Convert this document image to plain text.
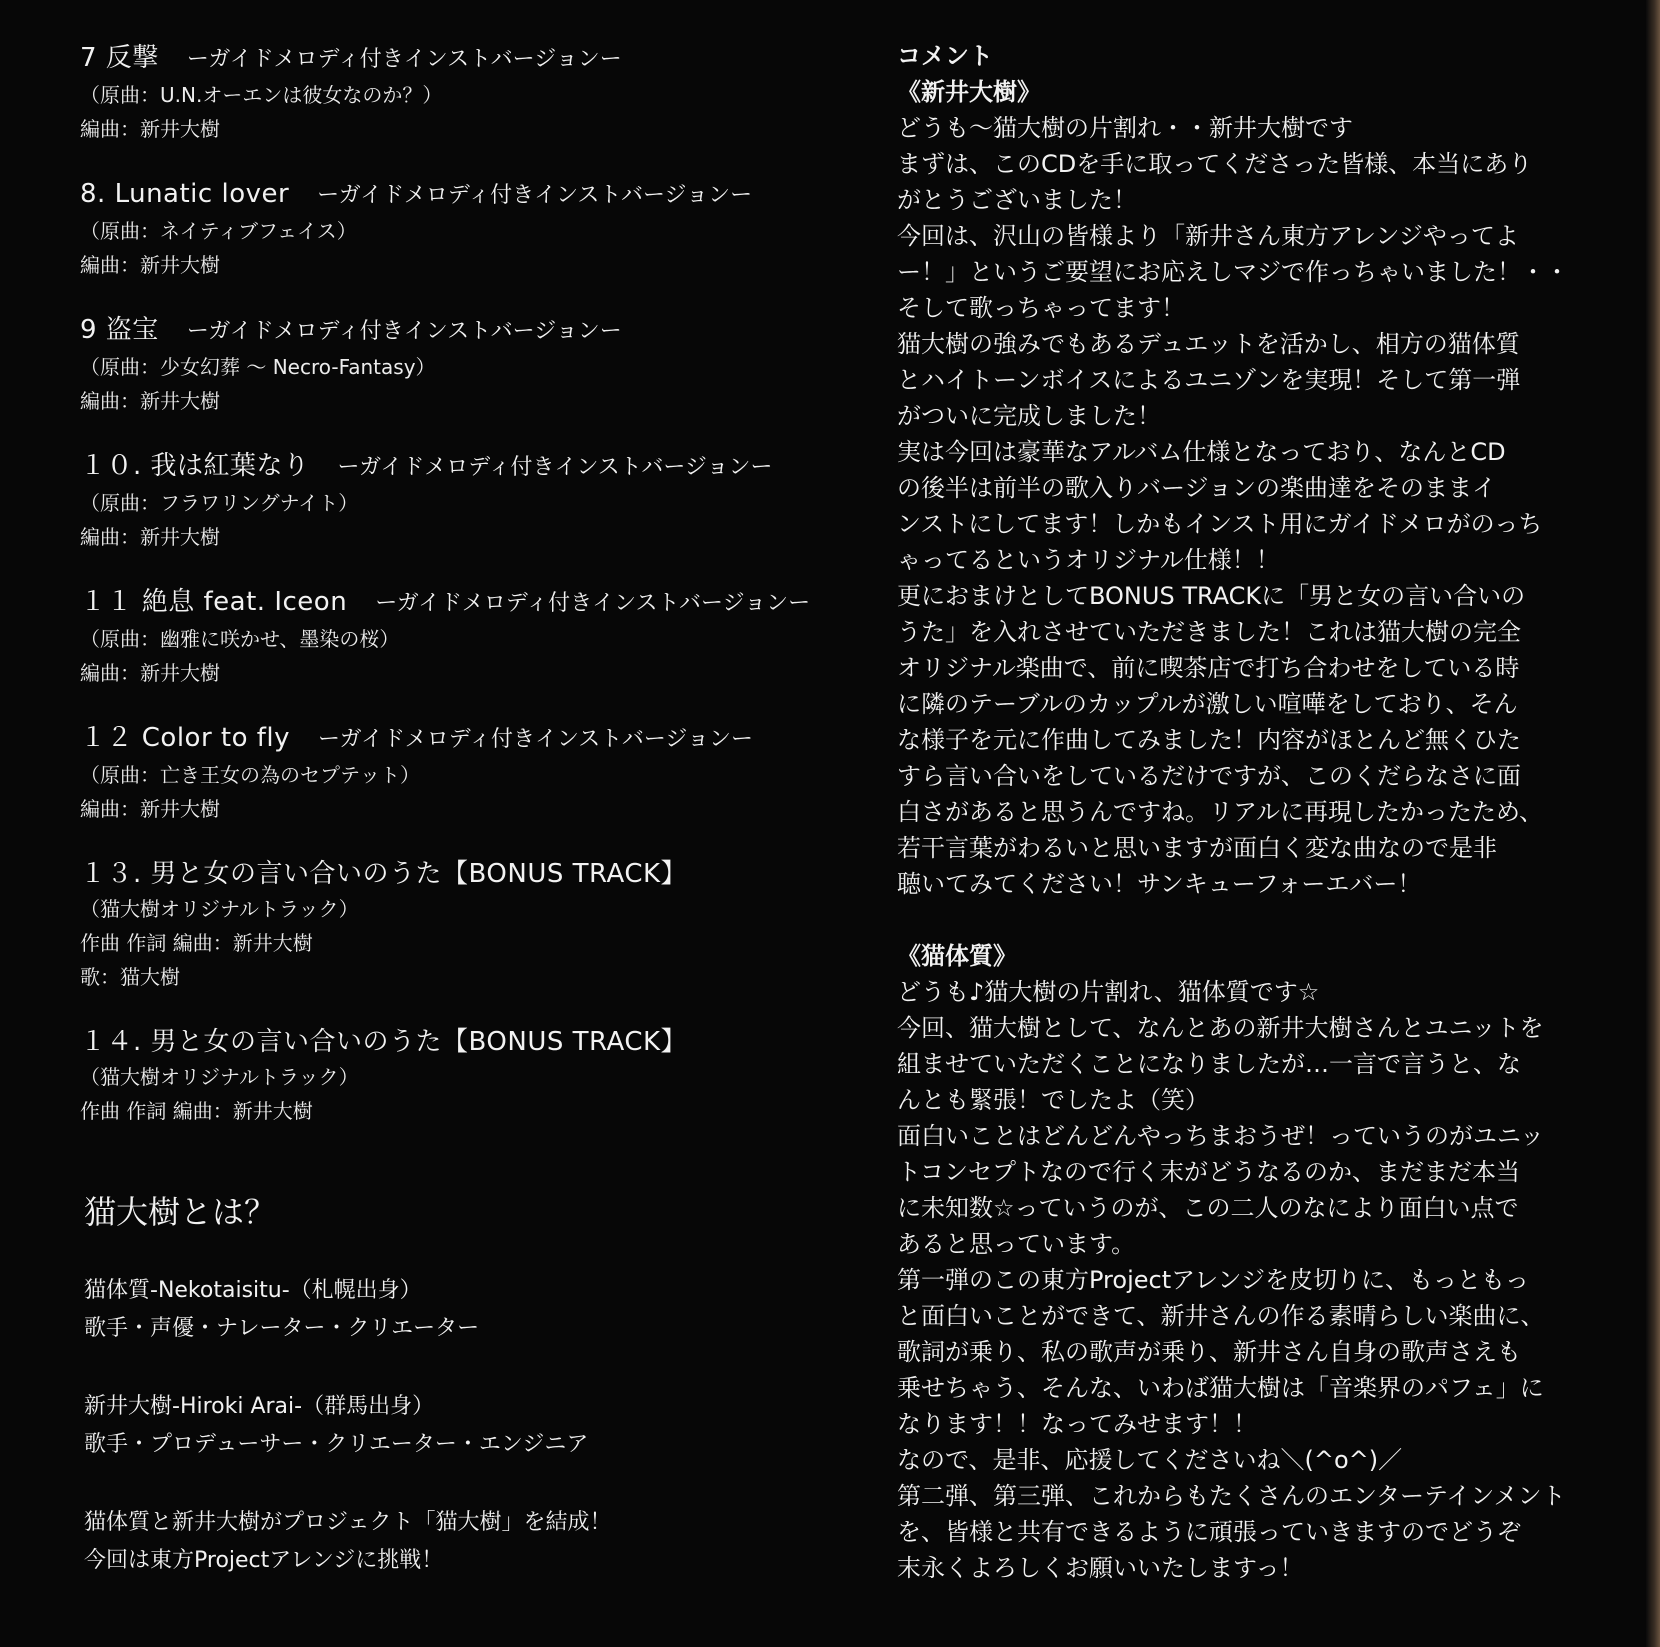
7 反撃 ーガイドメロディ付きインストバージョンー
（原曲：U.N.オーエンは彼女なのか？）
編曲：新井大樹
8. Lunatic lover ーガイドメロディ付きインストバージョンー
（原曲：ネイティブフェイス）
編曲：新井大樹
9 盗宝 ーガイドメロディ付きインストバージョンー
（原曲：少女幻葬 ～ Necro-Fantasy）
編曲：新井大樹
１０. 我は紅葉なり ーガイドメロディ付きインストバージョンー
（原曲：フラワリングナイト）
編曲：新井大樹
１１ 絶息 feat. Iceon ーガイドメロディ付きインストバージョンー
（原曲：幽雅に咲かせ、墨染の桜）
編曲：新井大樹
１２ Color to fly ーガイドメロディ付きインストバージョンー
（原曲：亡き王女の為のセプテット）
編曲：新井大樹
１３. 男と女の言い合いのうた【BONUS TRACK】
（猫大樹オリジナルトラック）
作曲 作詞 編曲：新井大樹
歌：猫大樹
１４. 男と女の言い合いのうた【BONUS TRACK】
（猫大樹オリジナルトラック）
作曲 作詞 編曲：新井大樹
猫大樹とは？
猫体質-Nekotaisitu-（札幌出身）
歌手・声優・ナレーター・クリエーター
新井大樹-Hiroki Arai-（群馬出身）
歌手・プロデューサー・クリエーター・エンジニア
猫体質と新井大樹がプロジェクト「猫大樹」を結成！
今回は東方Projectアレンジに挑戦！
コメント
《新井大樹》
どうも～猫大樹の片割れ・・新井大樹です
まずは、このCDを手に取ってくださった皆様、本当にあり
がとうございました！
今回は、沢山の皆様より「新井さん東方アレンジやってよ
ー！」というご要望にお応えしマジで作っちゃいました！・・
そして歌っちゃってます！
猫大樹の強みでもあるデュエットを活かし、相方の猫体質
とハイトーンボイスによるユニゾンを実現！そして第一弾
がついに完成しました！
実は今回は豪華なアルバム仕様となっており、なんとCD
の後半は前半の歌入りバージョンの楽曲達をそのままイ
ンストにしてます！しかもインスト用にガイドメロがのっち
ゃってるというオリジナル仕様！！
更におまけとしてBONUS TRACKに「男と女の言い合いの
うた」を入れさせていただきました！これは猫大樹の完全
オリジナル楽曲で、前に喫茶店で打ち合わせをしている時
に隣のテーブルのカップルが激しい喧嘩をしており、そん
な様子を元に作曲してみました！内容がほとんど無くひた
すら言い合いをしているだけですが、このくだらなさに面
白さがあると思うんですね。リアルに再現したかったため、
若干言葉がわるいと思いますが面白く変な曲なので是非
聴いてみてください！サンキューフォーエバー！
《猫体質》
どうも♪猫大樹の片割れ、猫体質です☆
今回、猫大樹として、なんとあの新井大樹さんとユニットを
組ませていただくことになりましたが…一言で言うと、な
んとも緊張！でしたよ（笑）
面白いことはどんどんやっちまおうぜ！っていうのがユニッ
トコンセプトなので行く末がどうなるのか、まだまだ本当
に未知数☆っていうのが、この二人のなにより面白い点で
あると思っています。
第一弾のこの東方Projectアレンジを皮切りに、もっともっ
と面白いことができて、新井さんの作る素晴らしい楽曲に、
歌詞が乗り、私の歌声が乗り、新井さん自身の歌声さえも
乗せちゃう、そんな、いわば猫大樹は「音楽界のパフェ」に
なります！！なってみせます！！
なので、是非、応援してくださいね＼(^o^)／
第二弾、第三弾、これからもたくさんのエンターテインメント
を、皆様と共有できるように頑張っていきますのでどうぞ
末永くよろしくお願いいたしますっ！
